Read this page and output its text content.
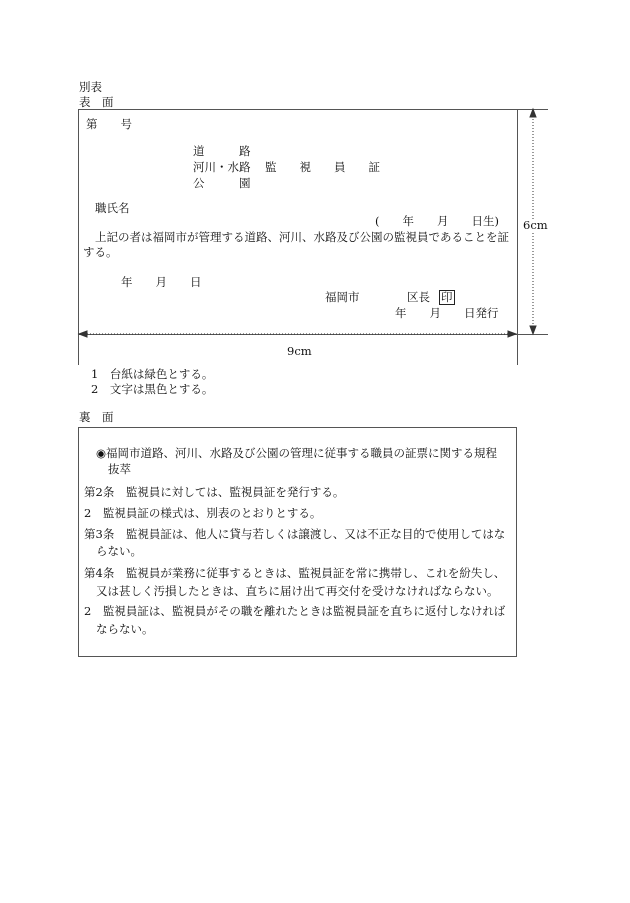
別表
表　面
第　　号
道　　　路
河川・水路
公　　　園
監　　視　　員　　証
職氏名
(　　年　　月　　日生)
上記の者は福岡市が管理する道路、河川、水路及び公園の監視員であることを証
する。
年　　月　　日
福岡市	区長 印
年　　月　　日発行
6cm
9cm
1　台紙は緑色とする。
2　文字は黒色とする。
裏　面
◉福岡市道路、河川、水路及び公園の管理に従事する職員の証票に関する規程
抜萃
第2条　監視員に対しては、監視員証を発行する。
2　監視員証の様式は、別表のとおりとする。
第3条　監視員証は、他人に貸与若しくは譲渡し、又は不正な目的で使用してはな
らない。
第4条　監視員が業務に従事するときは、監視員証を常に携帯し、これを紛失し、
又は甚しく汚損したときは、直ちに届け出て再交付を受けなければならない。
2　監視員証は、監視員がその職を離れたときは監視員証を直ちに返付しなければ
ならない。
